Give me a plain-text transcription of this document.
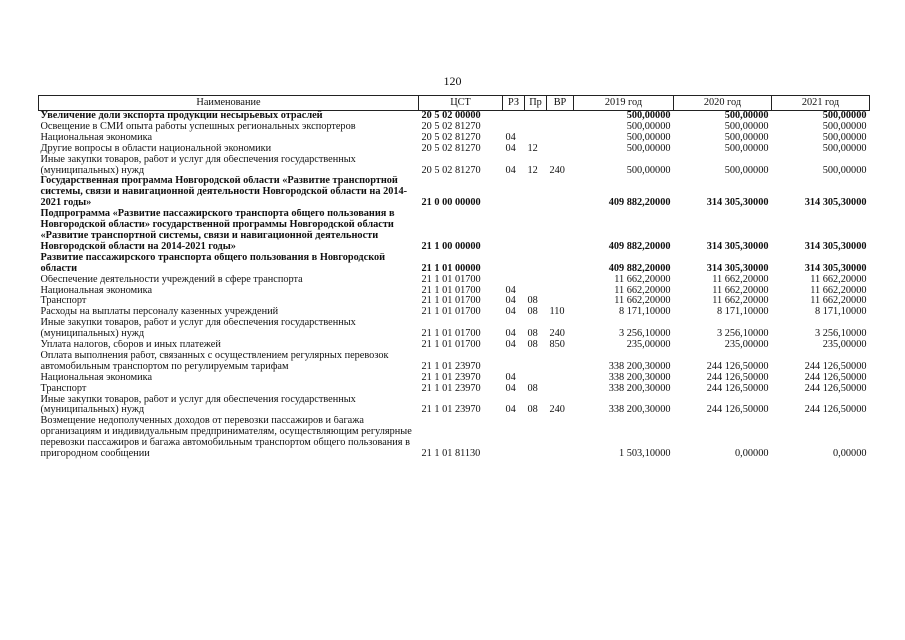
120
Наименование	ЦСТ	РЗ	Пр	ВР	2019 год	2020 год	2021 год
Увеличение доли экспорта продукции несырьевых отраслей	20 5 02 00000				500,00000	500,00000	500,00000
Освещение в СМИ опыта работы успешных региональных экспортеров	20 5 02 81270				500,00000	500,00000	500,00000
Национальная экономика	20 5 02 81270	04			500,00000	500,00000	500,00000
Другие вопросы в области национальной экономики	20 5 02 81270	04	12		500,00000	500,00000	500,00000
Иные закупки товаров, работ и услуг для обеспечения государственных (муниципальных) нужд	20 5 02 81270	04	12	240	500,00000	500,00000	500,00000
Государственная программа Новгородской области «Развитие транспортной системы, связи и навигационной деятельности Новгородской области на 2014-2021 годы»	21 0 00 00000				409 882,20000	314 305,30000	314 305,30000
Подпрограмма «Развитие пассажирского транспорта общего пользования в Новгородской области» государственной программы Новгородской области «Развитие транспортной системы, связи и навигационной деятельности Новгородской области на 2014-2021 годы»	21 1 00 00000				409 882,20000	314 305,30000	314 305,30000
Развитие пассажирского транспорта общего пользования в Новгородской области	21 1 01 00000				409 882,20000	314 305,30000	314 305,30000
Обеспечение деятельности учреждений в сфере транспорта	21 1 01 01700				11 662,20000	11 662,20000	11 662,20000
Национальная экономика	21 1 01 01700	04			11 662,20000	11 662,20000	11 662,20000
Транспорт	21 1 01 01700	04	08		11 662,20000	11 662,20000	11 662,20000
Расходы на выплаты персоналу казенных учреждений	21 1 01 01700	04	08	110	8 171,10000	8 171,10000	8 171,10000
Иные закупки товаров, работ и услуг для обеспечения государственных (муниципальных) нужд	21 1 01 01700	04	08	240	3 256,10000	3 256,10000	3 256,10000
Уплата налогов, сборов и иных платежей	21 1 01 01700	04	08	850	235,00000	235,00000	235,00000
Оплата выполнения работ, связанных с осуществлением регулярных перевозок автомобильным транспортом по регулируемым тарифам	21 1 01 23970				338 200,30000	244 126,50000	244 126,50000
Национальная экономика	21 1 01 23970	04			338 200,30000	244 126,50000	244 126,50000
Транспорт	21 1 01 23970	04	08		338 200,30000	244 126,50000	244 126,50000
Иные закупки товаров, работ и услуг для обеспечения государственных (муниципальных) нужд	21 1 01 23970	04	08	240	338 200,30000	244 126,50000	244 126,50000
Возмещение недополученных доходов от перевозки пассажиров и багажа организациям и индивидуальным предпринимателям, осуществляющим регулярные перевозки пассажиров и багажа автомобильным транспортом общего пользования в пригородном сообщении	21 1 01 81130				1 503,10000	0,00000	0,00000
